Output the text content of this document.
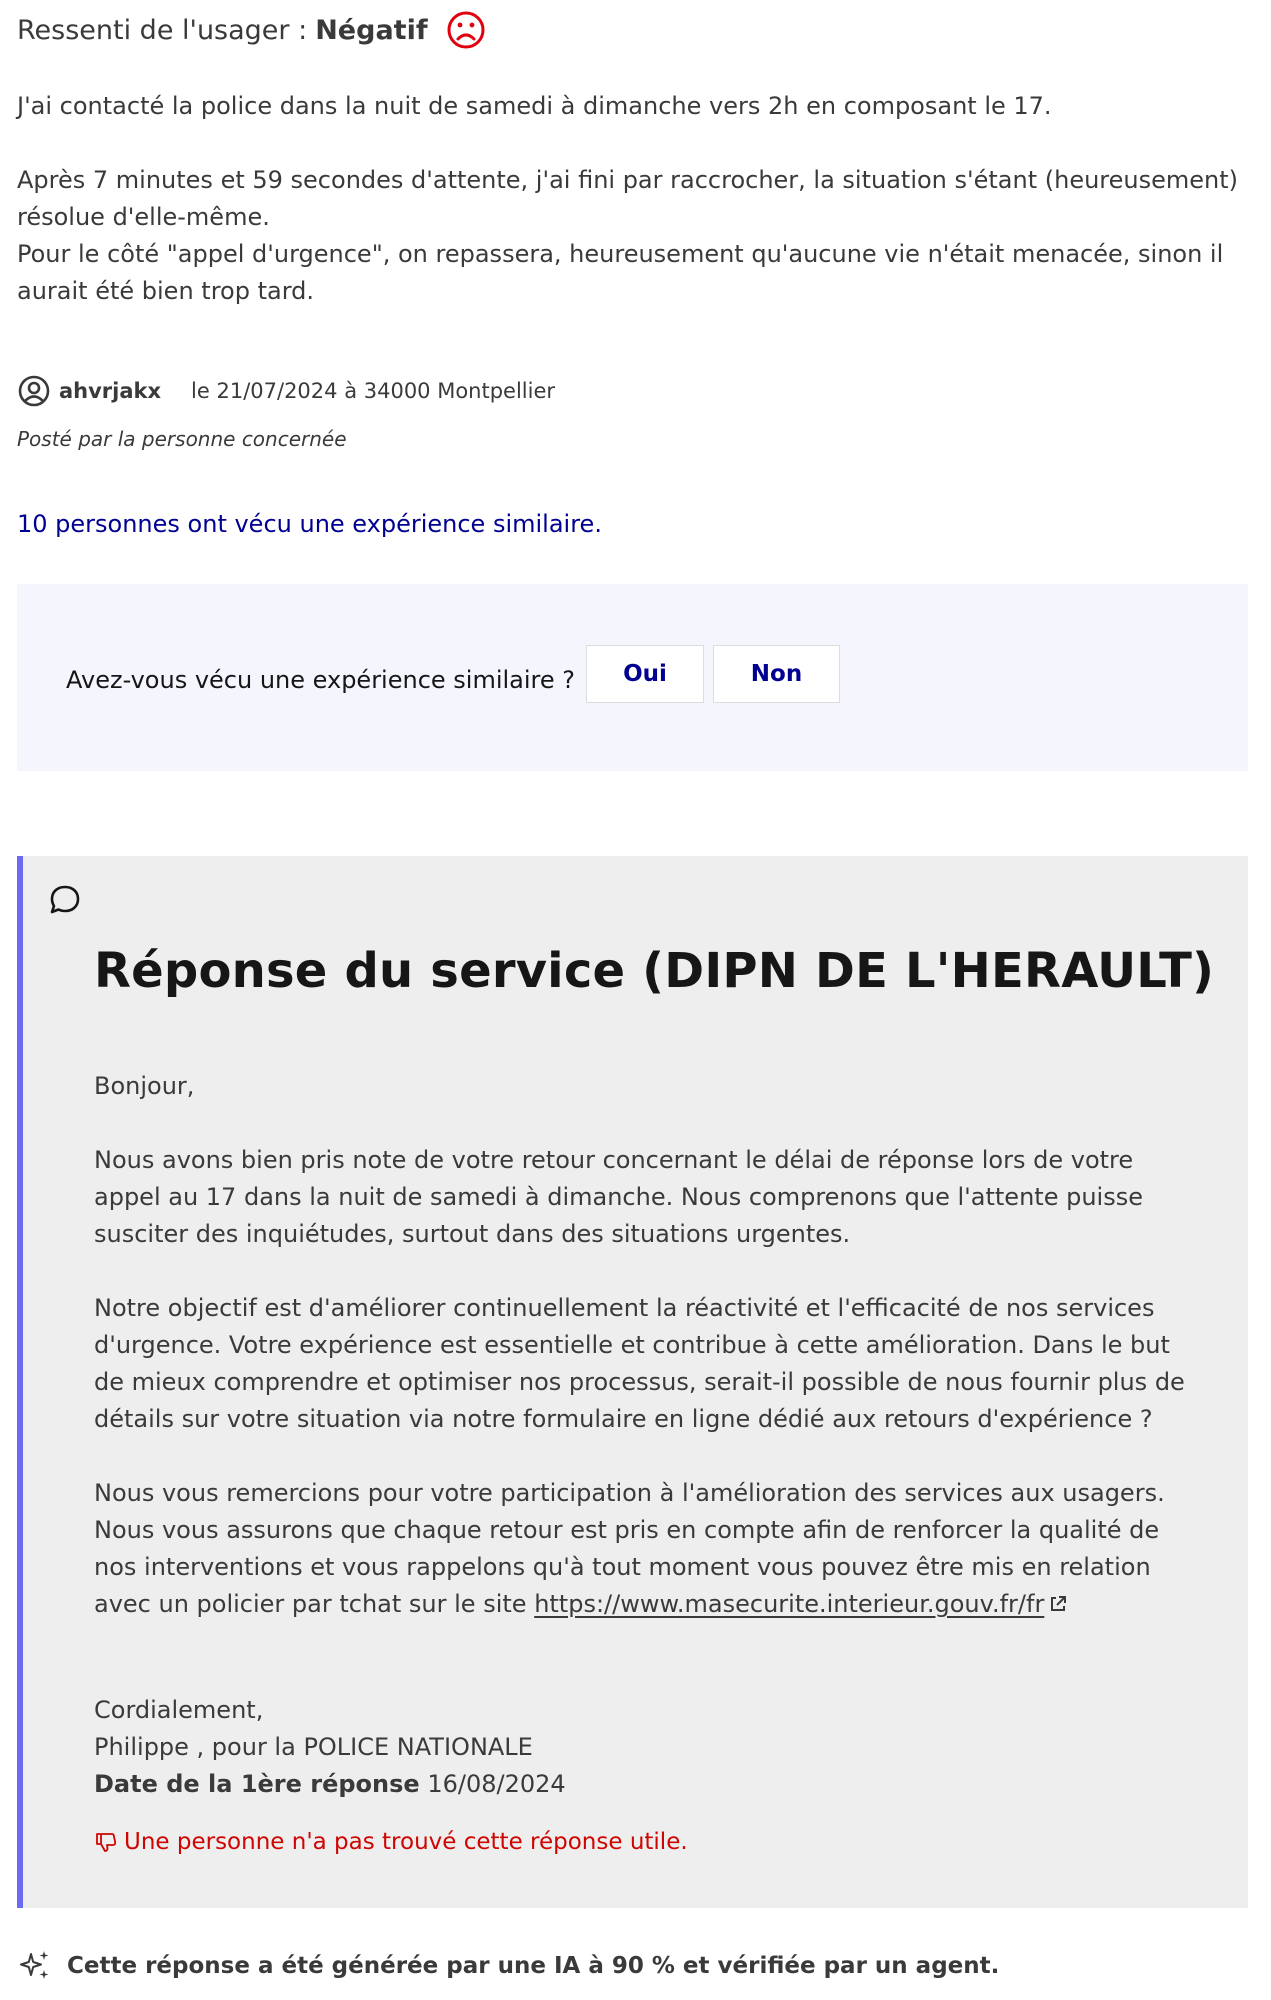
Ressenti de l'usager : Négatif

J'ai contacté la police dans la nuit de samedi à dimanche vers 2h en composant le 17.

Après 7 minutes et 59 secondes d'attente, j'ai fini par raccrocher, la situation s'étant (heureusement) résolue d'elle-même.

Pour le côté "appel d'urgence", on repassera, heureusement qu'aucune vie n'était menacée, sinon il aurait été bien trop tard.

ahvrjakx le 21/07/2024 à 34000 Montpellier
Posté par la personne concernée
10 personnes ont vécu une expérience similaire.
Avez-vous vécu une expérience similaire ?	Oui	Non
Réponse du service (DIPN DE L'HERAULT)

Bonjour,

Nous avons bien pris note de votre retour concernant le délai de réponse lors de votre appel au 17 dans la nuit de samedi à dimanche. Nous comprenons que l'attente puisse susciter des inquiétudes, surtout dans des situations urgentes.

Notre objectif est d'améliorer continuellement la réactivité et l'efficacité de nos services d'urgence. Votre expérience est essentielle et contribue à cette amélioration. Dans le but de mieux comprendre et optimiser nos processus, serait-il possible de nous fournir plus de détails sur votre situation via notre formulaire en ligne dédié aux retours d'expérience ?

Nous vous remercions pour votre participation à l'amélioration des services aux usagers. Nous vous assurons que chaque retour est pris en compte afin de renforcer la qualité de nos interventions et vous rappelons qu'à tout moment vous pouvez être mis en relation avec un policier par tchat sur le site https://www.masecurite.interieur.gouv.fr/fr

Cordialement,
Philippe , pour la POLICE NATIONALE
Date de la 1ère réponse 16/08/2024
Une personne n'a pas trouvé cette réponse utile.
Cette réponse a été générée par une IA à 90 % et vérifiée par un agent.
